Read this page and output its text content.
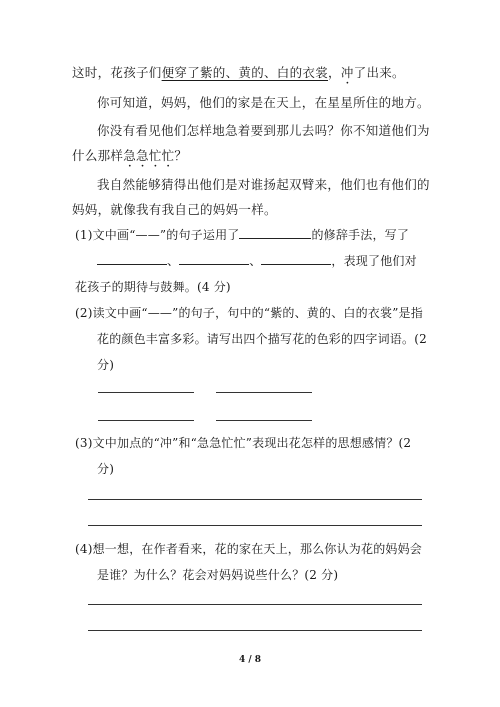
这时，花孩子们便穿了紫的、黄的、白的衣裳，冲了出来。

你可知道，妈妈，他们的家是在天上，在星星所住的地方。

你没有看见他们怎样地急着要到那儿去吗？你不知道他们为什么那样急急忙忙？

我自然能够猜得出他们是对谁扬起双臂来，他们也有他们的妈妈，就像我有我自己的妈妈一样。

(1)文中画“——”的句子运用了	的修辞手法，写了
、	、	，表现了他们对花孩子的期待与鼓舞。(4 分)

(2)读文中画“——”的句子，句中的“紫的、黄的、白的衣裳”是指花的颜色丰富多彩。请写出四个描写花的色彩的四字词语。(2 分)

(3)文中加点的“冲”和“急急忙忙”表现出花怎样的思想感情？(2 分)

(4)想一想，在作者看来，花的家在天上，那么你认为花的妈妈会是谁？为什么？花会对妈妈说些什么？(2 分)

4 / 8
